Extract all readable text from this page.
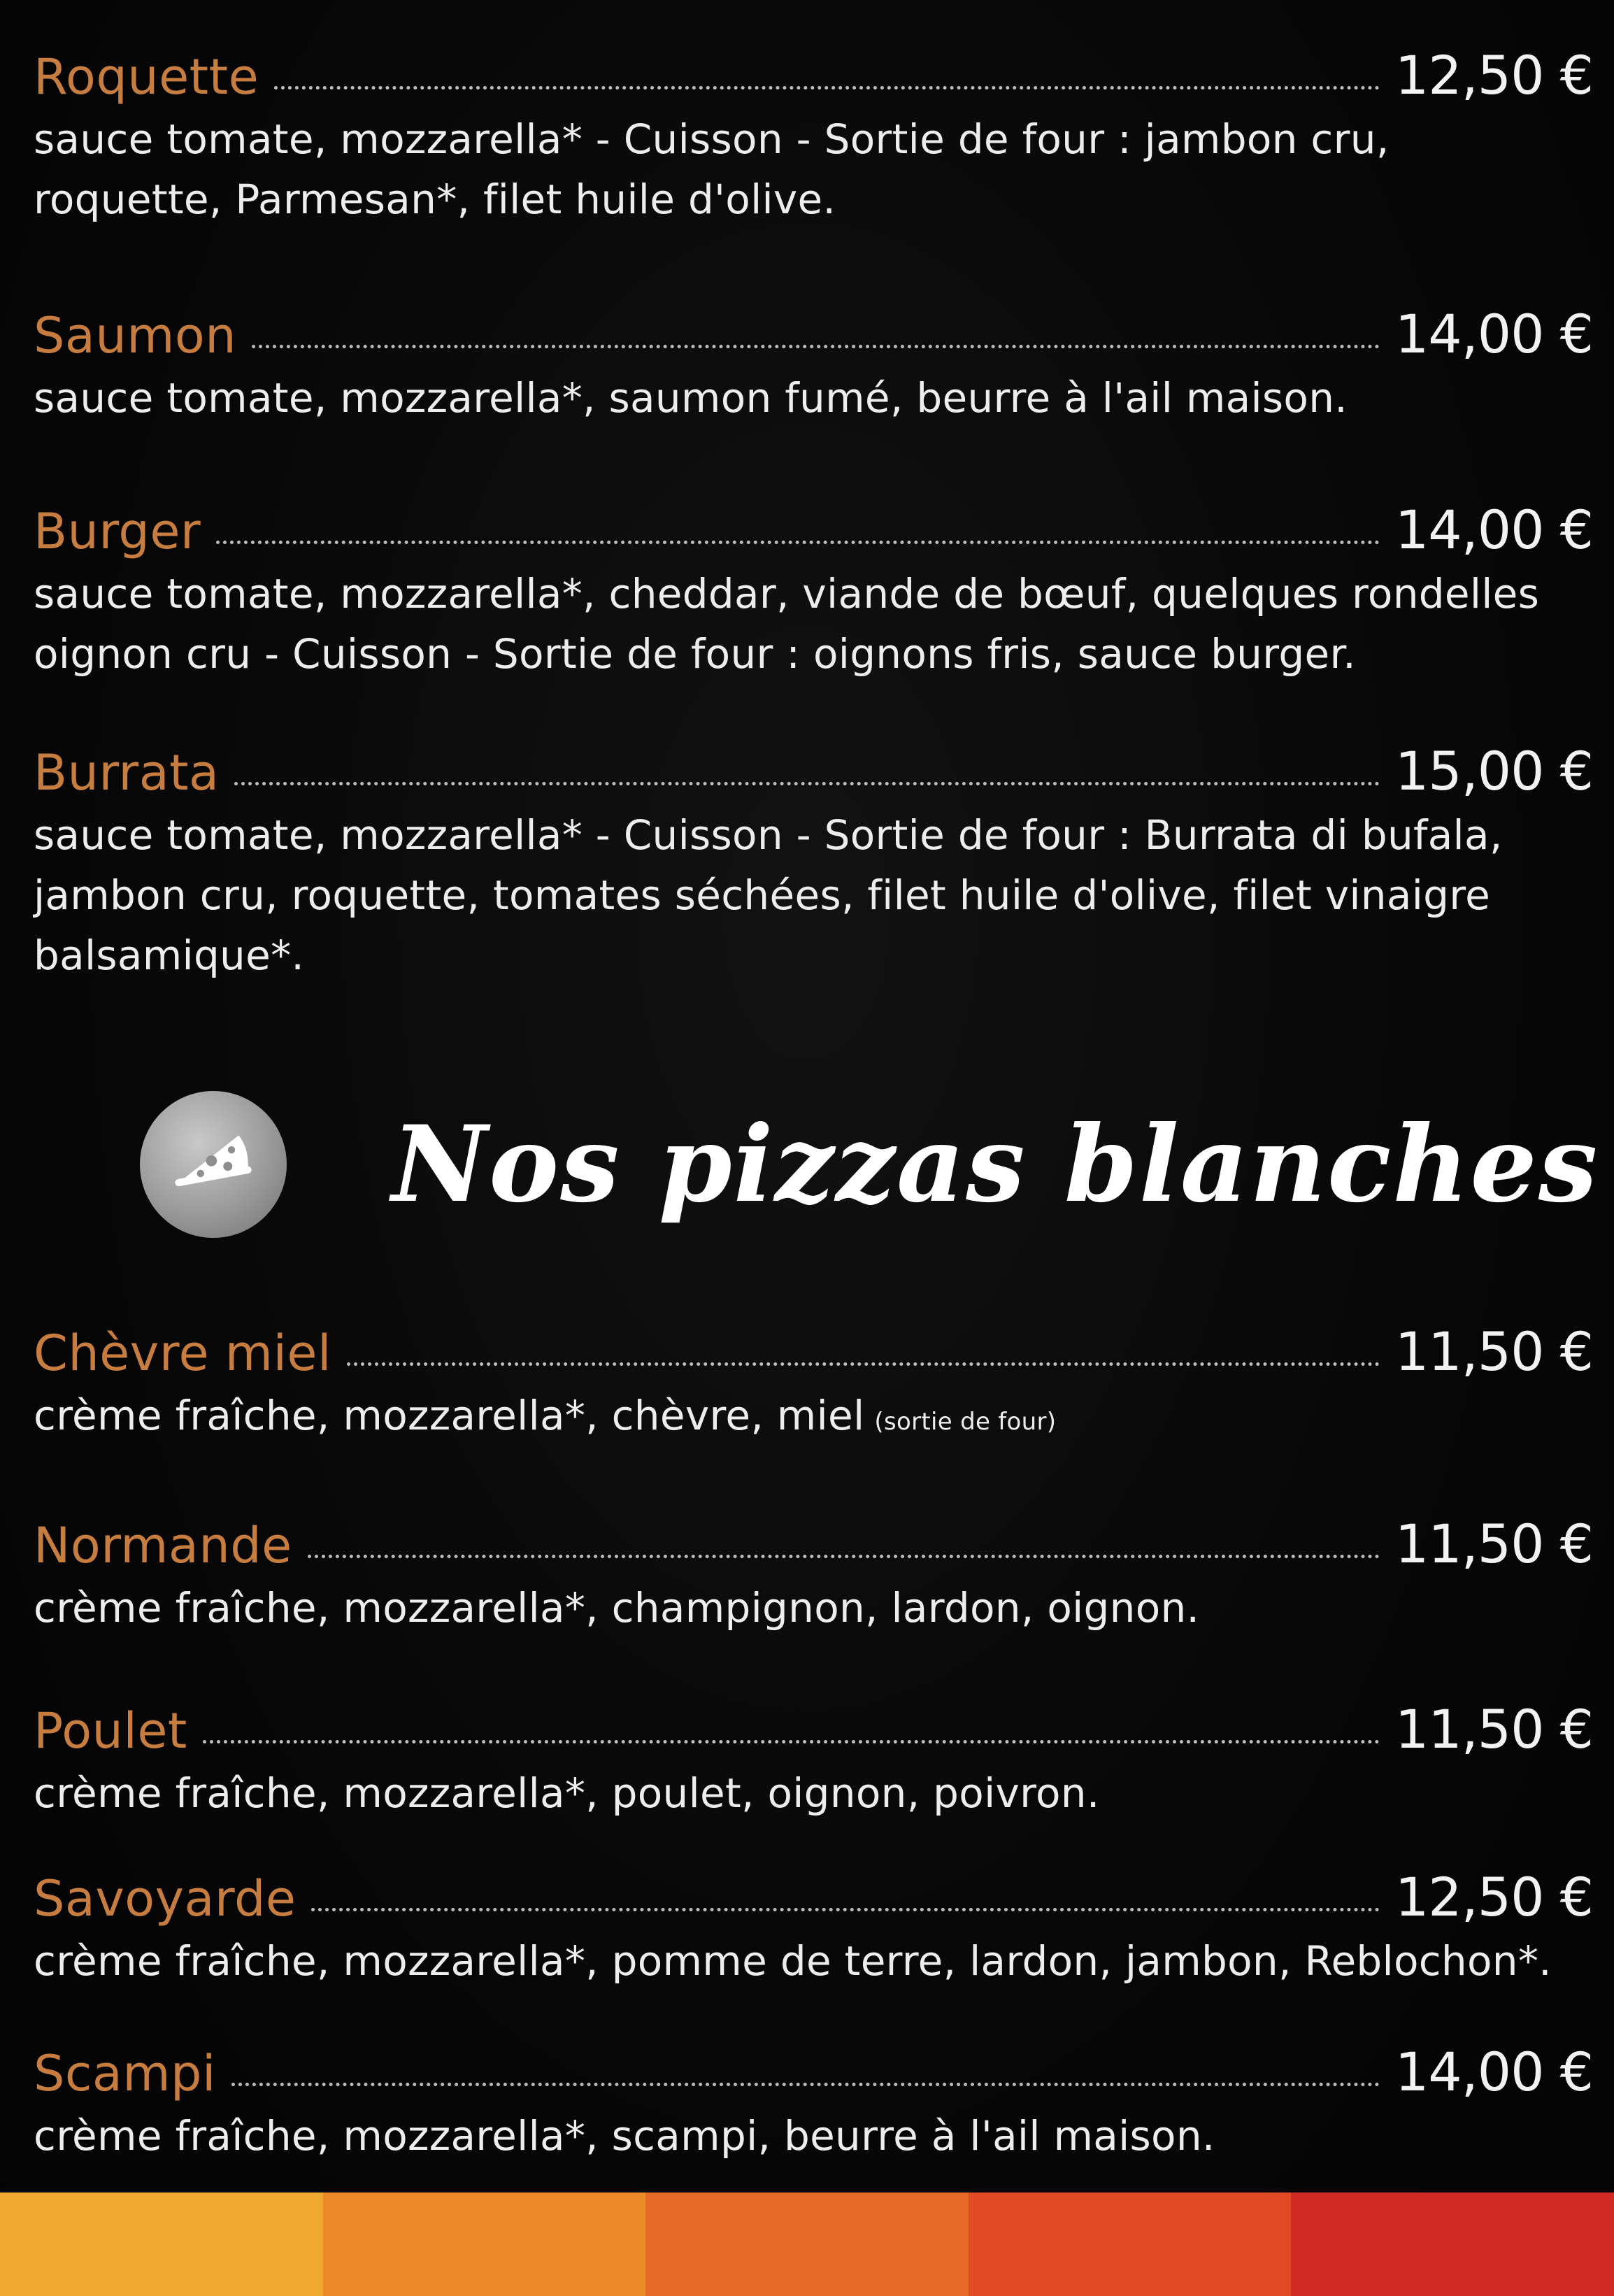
Roquette	12,50 €
sauce tomate, mozzarella* - Cuisson - Sortie de four : jambon cru,
roquette, Parmesan*, filet huile d'olive.
Saumon	14,00 €
sauce tomate, mozzarella*, saumon fumé, beurre à l'ail maison.
Burger	14,00 €
sauce tomate, mozzarella*, cheddar, viande de bœuf, quelques rondelles
oignon cru - Cuisson - Sortie de four : oignons fris, sauce burger.
Burrata	15,00 €
sauce tomate, mozzarella* - Cuisson - Sortie de four : Burrata di bufala,
jambon cru, roquette, tomates séchées, filet huile d'olive, filet vinaigre
balsamique*.
Nos pizzas blanches
Chèvre miel	11,50 €
crème fraîche, mozzarella*, chèvre, miel (sortie de four)
Normande	11,50 €
crème fraîche, mozzarella*, champignon, lardon, oignon.
Poulet	11,50 €
crème fraîche, mozzarella*, poulet, oignon, poivron.
Savoyarde	12,50 €
crème fraîche, mozzarella*, pomme de terre, lardon, jambon, Reblochon*.
Scampi	14,00 €
crème fraîche, mozzarella*, scampi, beurre à l'ail maison.
